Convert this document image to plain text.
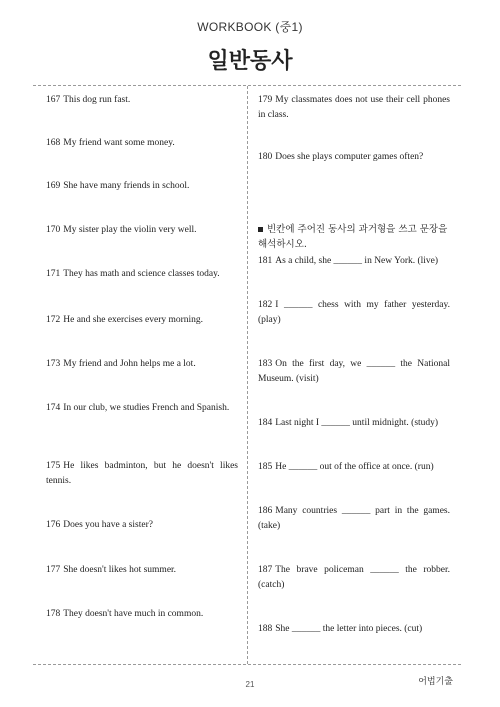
WORKBOOK (중1)
일반동사
167 This dog run fast.
168 My friend want some money.
169 She have many friends in school.
170 My sister play the violin very well.
171 They has math and science classes today.
172 He and she exercises every morning.
173 My friend and John helps me a lot.
174 In our club, we studies French and Spanish.
175 He likes badminton, but he doesn't likes tennis.
176 Does you have a sister?
177 She doesn't likes hot summer.
178 They doesn't have much in common.
179 My classmates does not use their cell phones in class.
180 Does she plays computer games often?
빈칸에 주어진 동사의 과거형을 쓰고 문장을 해석하시오.
181 As a child, she ______ in New York. (live)
182 I ______ chess with my father yesterday. (play)
183 On the first day, we ______ the National Museum. (visit)
184 Last night I ______ until midnight. (study)
185 He ______ out of the office at once. (run)
186 Many countries ______ part in the games. (take)
187 The brave policeman ______ the robber. (catch)
188 She ______ the letter into pieces. (cut)
21	어법기출
